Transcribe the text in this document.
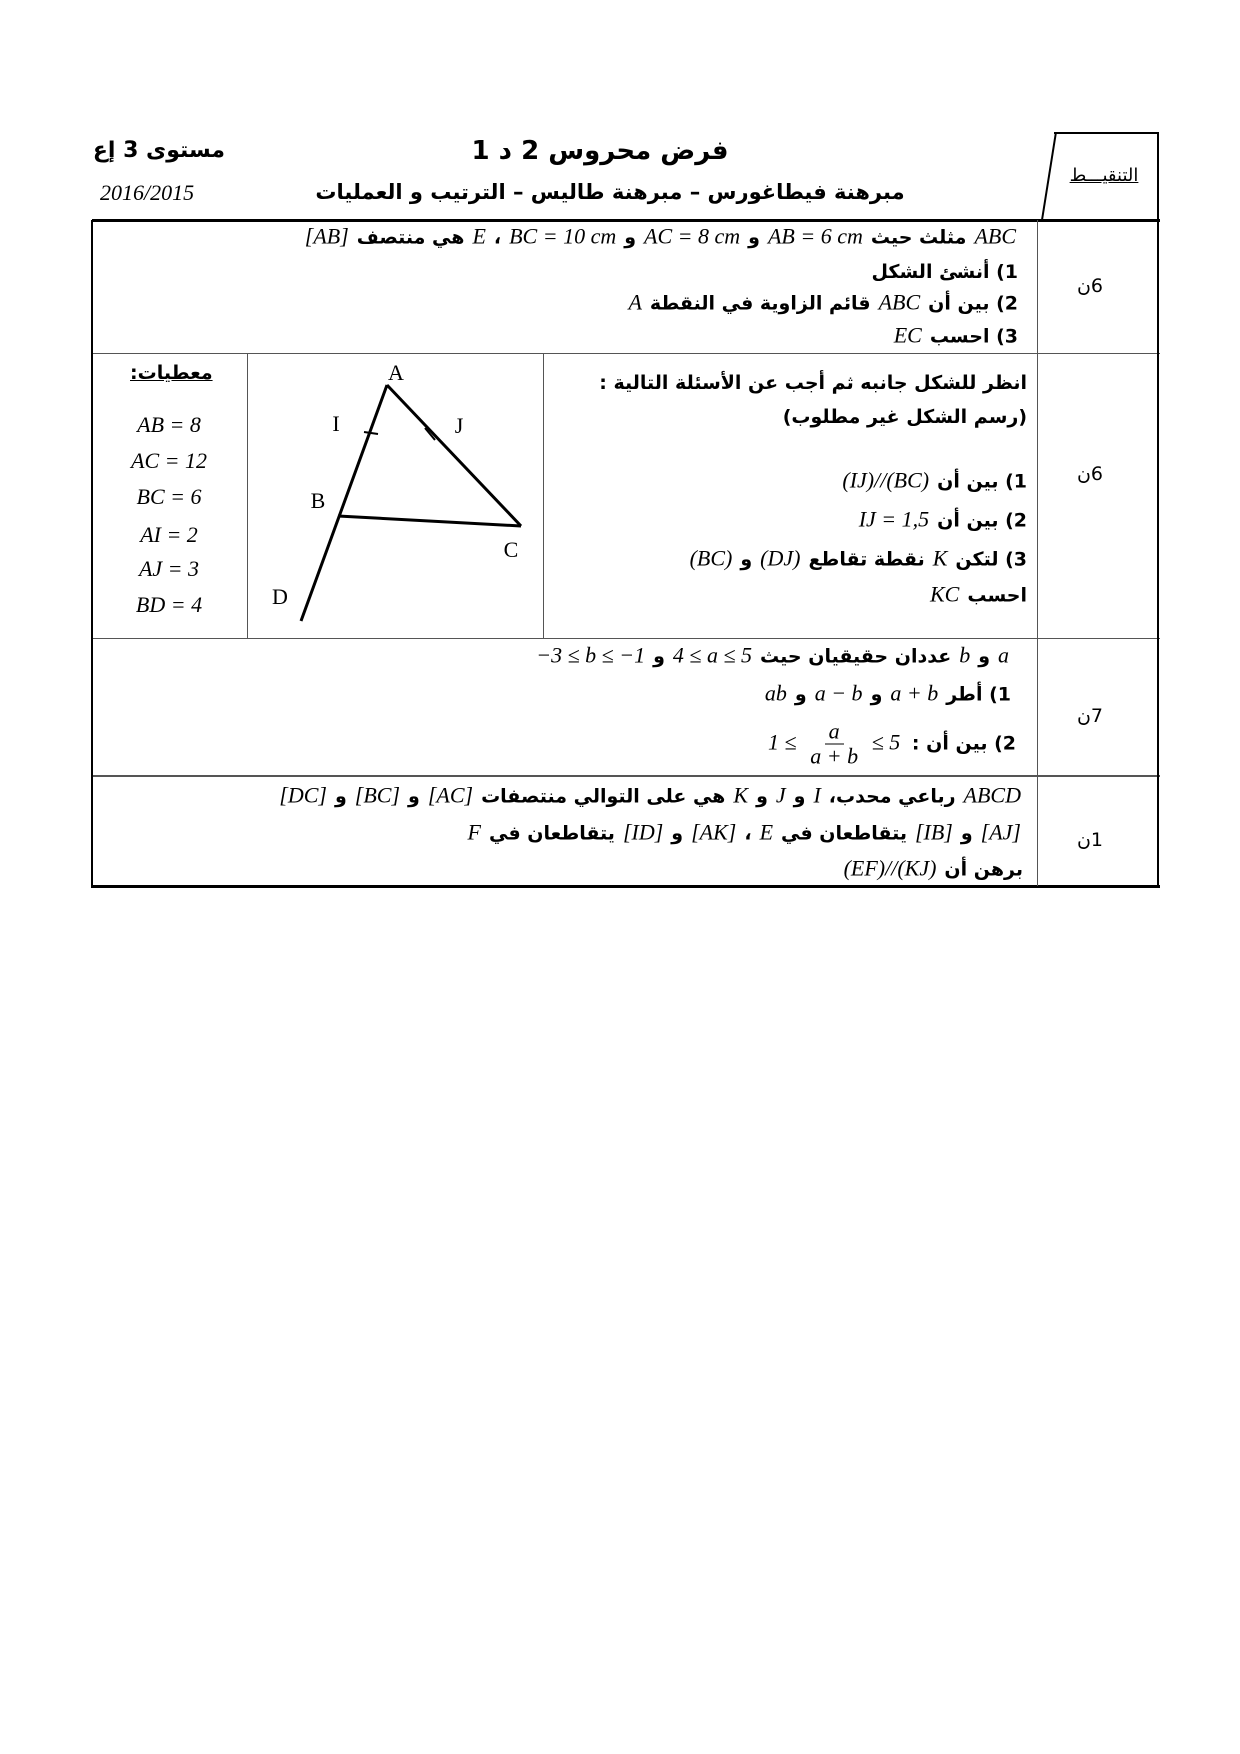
مستوى 3 إع
2016/2015
فرض محروس 2 د 1
مبرهنة فيطاغورس – مبرهنة طاليس – الترتيب و العمليات
التنقيـــط
6ن
6ن
7ن
1ن
ABCمثلث حيثAB = 6 cmوAC = 8 cmوBC = 10 cm،Eهي منتصف[AB]
1) أنشئ الشكل
2) بين أنABCقائم الزاوية في النقطةA
3) احسبEC
انظر للشكل جانبه ثم أجب عن الأسئلة التالية :
(رسم الشكل غير مطلوب)
1) بين أن(IJ)//(BC)
2) بين أنIJ = 1,5
3) لتكنKنقطة تقاطع(DJ)و(BC)
احسبKC
aوbعددان حقيقيان حيث4 ≤ a ≤ 5و−3 ≤ b ≤ −1
1) أطرa + bوa − bوab
ABCDرباعي محدب،IوJوKهي على التوالي منتصفات[AC]و[BC]و[DC]
[AJ]و[IB]يتقاطعان فيE،[AK]و[ID]يتقاطعان فيF
برهن أن(EF)//(KJ)
2) بين أن : ≤ 5
$\frac{a}{a + b}$
1 ≤
معطيات:
AB = 8
AC = 12
BC = 6
AI = 2
AJ = 3
BD = 4
A
I	J
B
C
D
